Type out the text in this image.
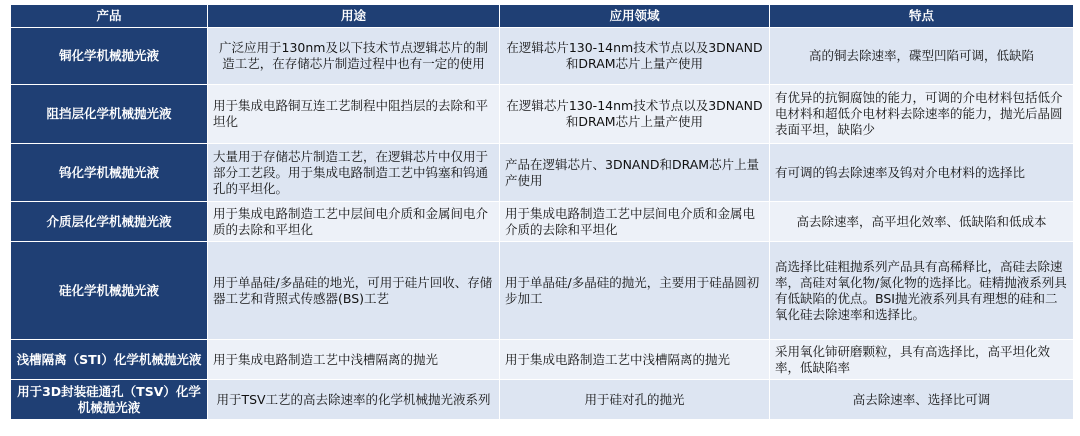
产品	用途	应用领域	特点
铜化学机械抛光液	广泛应用于130nm及以下技术节点逻辑芯片的制造工艺，在存储芯片制造过程中也有一定的使用	在逻辑芯片130-14nm技术节点以及3DNAND和DRAM芯片上量产使用	高的铜去除速率，碟型凹陷可调，低缺陷
阻挡层化学机械抛光液	用于集成电路铜互连工艺制程中阻挡层的去除和平坦化	在逻辑芯片130-14nm技术节点以及3DNAND和DRAM芯片上量产使用	有优异的抗铜腐蚀的能力，可调的介电材料包括低介电材料和超低介电材料去除速率的能力，抛光后晶圆表面平坦，缺陷少
钨化学机械抛光液	大量用于存储芯片制造工艺，在逻辑芯片中仅用于部分工艺段。用于集成电路制造工艺中钨塞和钨通孔的平坦化。	产品在逻辑芯片、3DNAND和DRAM芯片上量产使用	有可调的钨去除速率及钨对介电材料的选择比
介质层化学机械抛光液	用于集成电路制造工艺中层间电介质和金属间电介质的去除和平坦化	用于集成电路制造工艺中层间电介质和金属电介质的去除和平坦化	高去除速率，高平坦化效率、低缺陷和低成本
硅化学机械抛光液	用于单晶硅/多晶硅的地光，可用于硅片回收、存储器工艺和背照式传感器(BS)工艺	用于单晶硅/多晶硅的抛光，主要用于硅晶圆初步加工	高选择比硅粗抛系列产品具有高稀释比，高硅去除速率，高硅对氧化物/氮化物的选择比。硅精抛液系列具有低缺陷的优点。BSI抛光液系列具有理想的硅和二氧化硅去除速率和选择比。
浅槽隔离（STI）化学机械抛光液	用于集成电路制造工艺中浅槽隔离的抛光	用于集成电路制造工艺中浅槽隔离的抛光	采用氧化铈研磨颗粒，具有高选择比，高平坦化效率，低缺陷率
用于3D封装硅通孔（TSV）化学机械抛光液	用于TSV工艺的高去除速率的化学机械抛光液系列	用于硅对孔的抛光	高去除速率、选择比可调
